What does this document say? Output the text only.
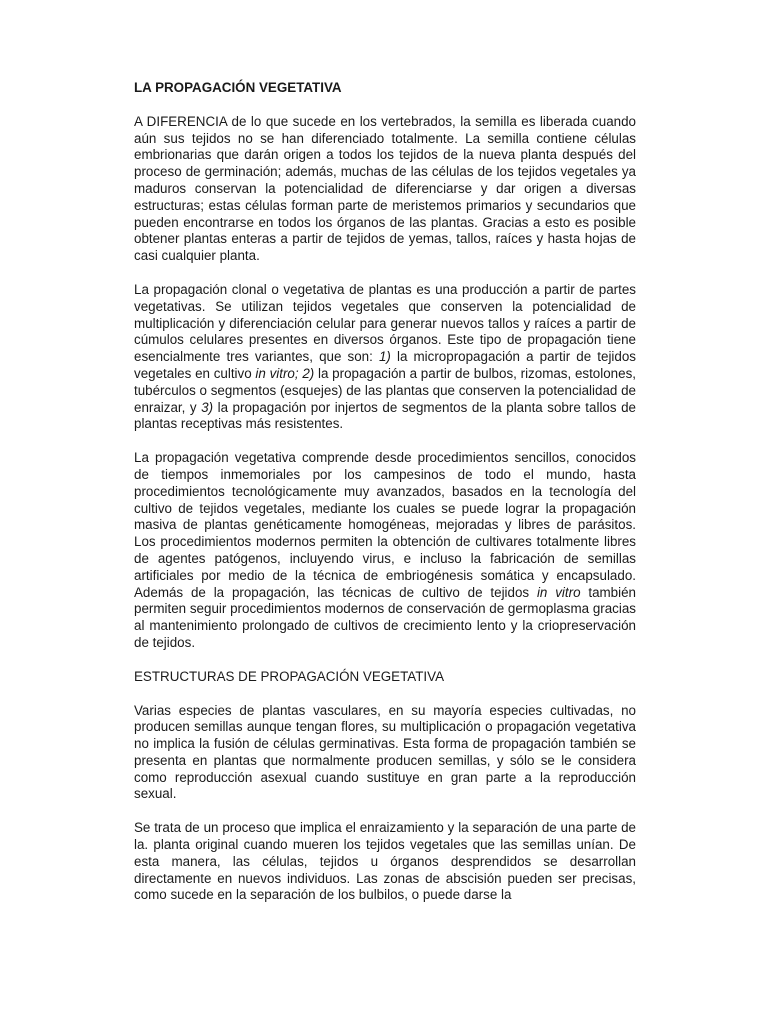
LA PROPAGACIÓN VEGETATIVA

A DIFERENCIA de lo que sucede en los vertebrados, la semilla es liberada cuando aún sus tejidos no se han diferenciado totalmente. La semilla contiene células embrionarias que darán origen a todos los tejidos de la nueva planta después del proceso de germinación; además, muchas de las células de los tejidos vegetales ya maduros conservan la potencialidad de diferenciarse y dar origen a diversas estructuras; estas células forman parte de meristemos primarios y secundarios que pueden encontrarse en todos los órganos de las plantas. Gracias a esto es posible obtener plantas enteras a partir de tejidos de yemas, tallos, raíces y hasta hojas de casi cualquier planta.

La propagación clonal o vegetativa de plantas es una producción a partir de partes vegetativas. Se utilizan tejidos vegetales que conserven la potencialidad de multiplicación y diferenciación celular para generar nuevos tallos y raíces a partir de cúmulos celulares presentes en diversos órganos. Este tipo de propagación tiene esencialmente tres variantes, que son: 1) la micropropagación a partir de tejidos vegetales en cultivo in vitro; 2) la propagación a partir de bulbos, rizomas, estolones, tubérculos o segmentos (esquejes) de las plantas que conserven la potencialidad de enraizar, y 3) la propagación por injertos de segmentos de la planta sobre tallos de plantas receptivas más resistentes.

La propagación vegetativa comprende desde procedimientos sencillos, conocidos de tiempos inmemoriales por los campesinos de todo el mundo, hasta procedimientos tecnológicamente muy avanzados, basados en la tecnología del cultivo de tejidos vegetales, mediante los cuales se puede lograr la propagación masiva de plantas genéticamente homogéneas, mejoradas y libres de parásitos. Los procedimientos modernos permiten la obtención de cultivares totalmente libres de agentes patógenos, incluyendo virus, e incluso la fabricación de semillas artificiales por medio de la técnica de embriogénesis somática y encapsulado. Además de la propagación, las técnicas de cultivo de tejidos in vitro también permiten seguir procedimientos modernos de conservación de germoplasma gracias al mantenimiento prolongado de cultivos de crecimiento lento y la criopreservación de tejidos.

ESTRUCTURAS DE PROPAGACIÓN VEGETATIVA

Varias especies de plantas vasculares, en su mayoría especies cultivadas, no producen semillas aunque tengan flores, su multiplicación o propagación vegetativa no implica la fusión de células germinativas. Esta forma de propagación también se presenta en plantas que normalmente producen semillas, y sólo se le considera como reproducción asexual cuando sustituye en gran parte a la reproducción sexual.

Se trata de un proceso que implica el enraizamiento y la separación de una parte de la. planta original cuando mueren los tejidos vegetales que las semillas unían. De esta manera, las células, tejidos u órganos desprendidos se desarrollan directamente en nuevos individuos. Las zonas de abscisión pueden ser precisas, como sucede en la separación de los bulbilos, o puede darse la
